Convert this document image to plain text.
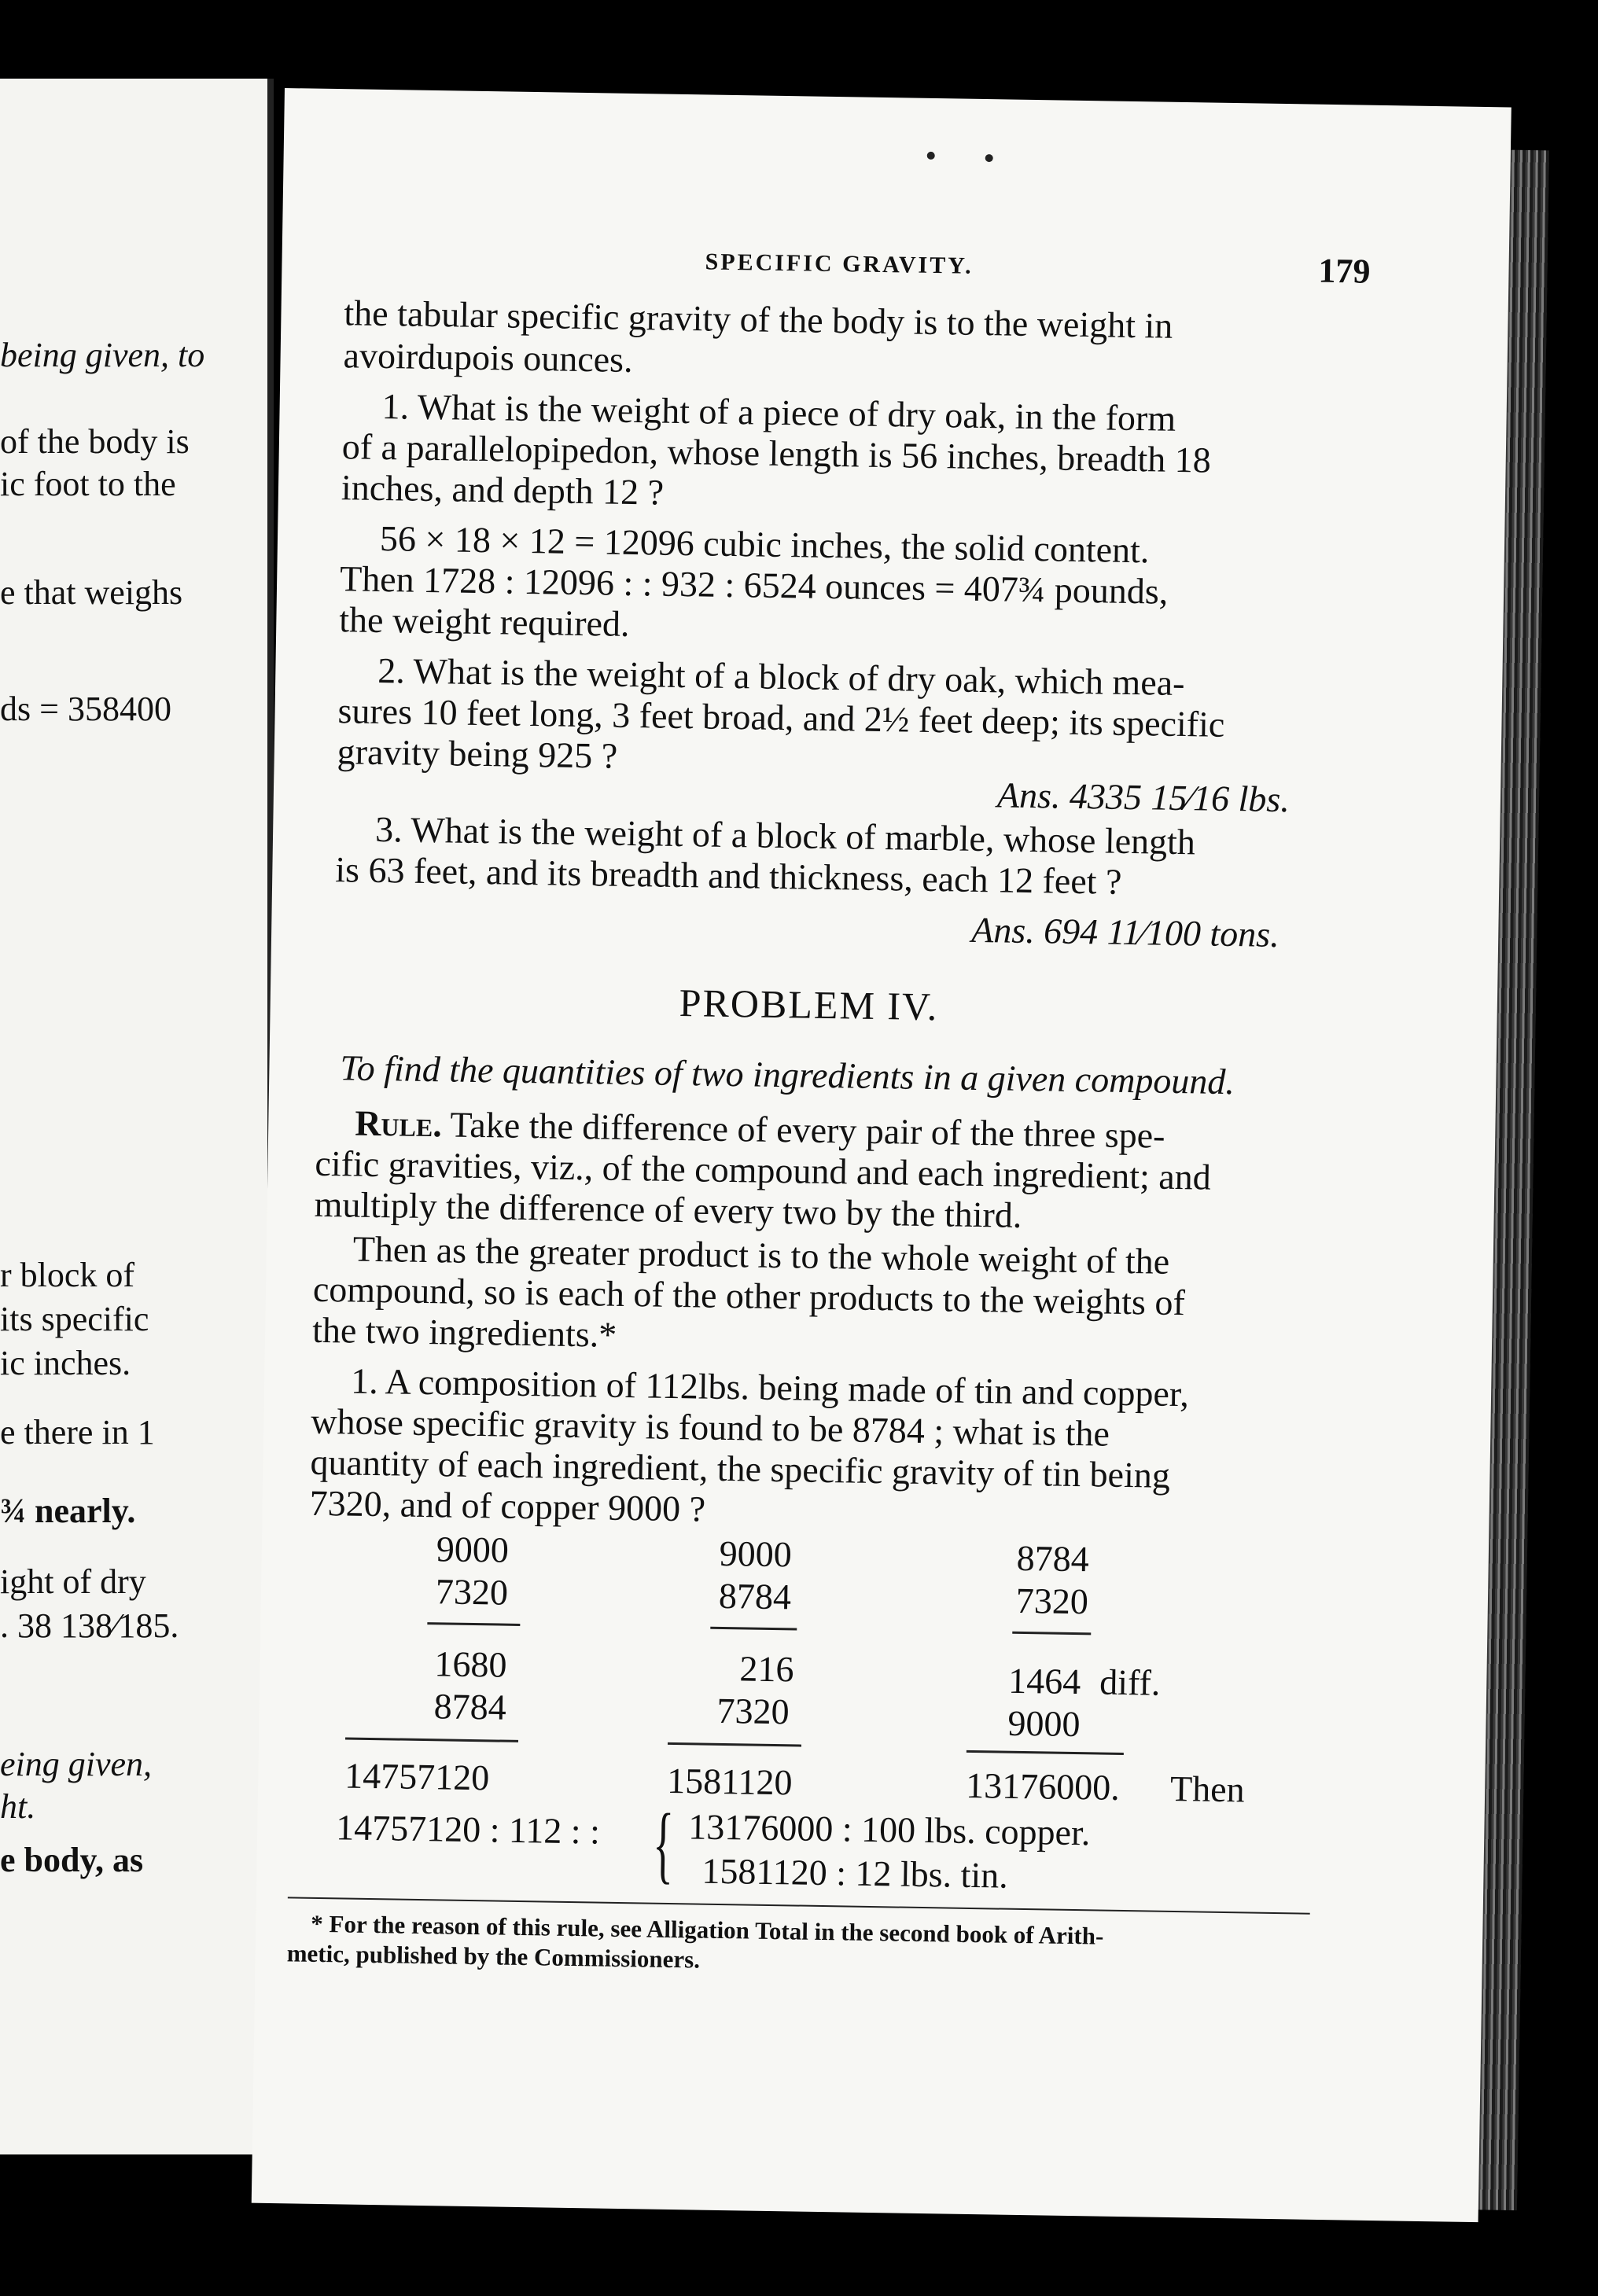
being given, to
of the body is
ic foot to the
e that weighs
ds = 358400
r block of
its specific
ic inches.
e there in 1
¾ nearly.
ight of dry
. 38 138⁄185.
eing given,
ht.
e body, as
SPECIFIC GRAVITY.	179
the tabular specific gravity of the body is to the weight in
avoirdupois ounces.
1. What is the weight of a piece of dry oak, in the form
of a parallelopipedon, whose length is 56 inches, breadth 18
inches, and depth 12 ?
56 × 18 × 12 = 12096 cubic inches, the solid content.
Then 1728 : 12096 : : 932 : 6524 ounces = 407¾ pounds,
the weight required.
2. What is the weight of a block of dry oak, which mea-
sures 10 feet long, 3 feet broad, and 2½ feet deep; its specific
gravity being 925 ?
Ans. 4335 15⁄16 lbs.
3. What is the weight of a block of marble, whose length
is 63 feet, and its breadth and thickness, each 12 feet ?
Ans. 694 11⁄100 tons.
PROBLEM IV.
To find the quantities of two ingredients in a given compound.
Rule. Take the difference of every pair of the three spe-
cific gravities, viz., of the compound and each ingredient; and
multiply the difference of every two by the third.
Then as the greater product is to the whole weight of the
compound, so is each of the other products to the weights of
the two ingredients.*
1. A composition of 112lbs. being made of tin and copper,
whose specific gravity is found to be 8784 ; what is the
quantity of each ingredient, the specific gravity of tin being
7320, and of copper 9000 ?
9000
7320
1680
8784
14757120
9000
8784
216
7320
1581120
8784
7320
1464 diff.
9000
13176000. Then
14757120 : 112 : : { 13176000 : 100 lbs. copper.
1581120 : 12 lbs. tin.
* For the reason of this rule, see Alligation Total in the second book of Arith-
metic, published by the Commissioners.
